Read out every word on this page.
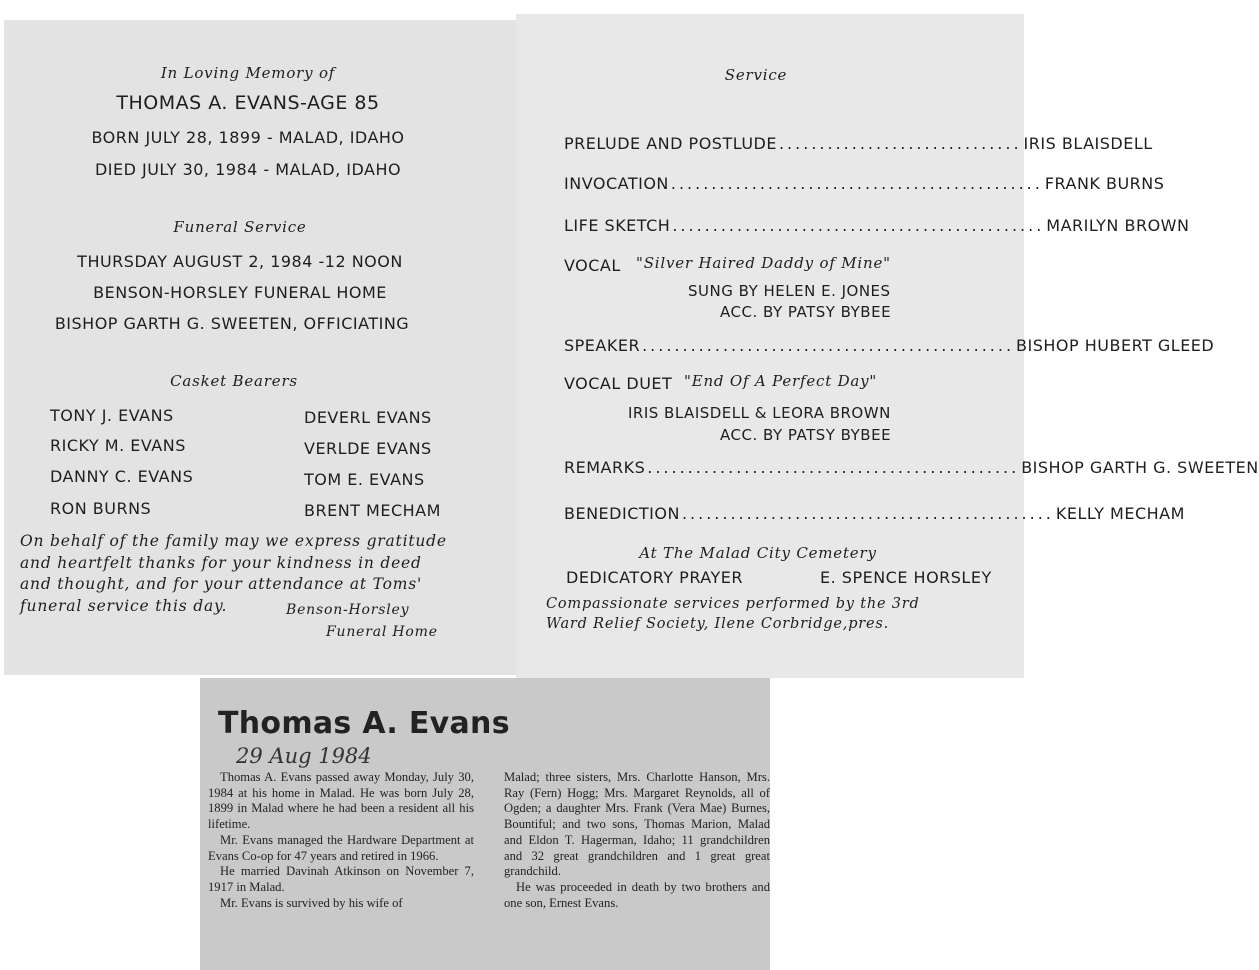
In Loving Memory of
THOMAS A. EVANS-AGE 85
BORN JULY 28, 1899 - MALAD, IDAHO
DIED JULY 30, 1984 - MALAD, IDAHO
Funeral Service
THURSDAY AUGUST 2, 1984 -12 NOON
BENSON-HORSLEY FUNERAL HOME
BISHOP GARTH G. SWEETEN, OFFICIATING
Casket Bearers
TONY J. EVANS	DEVERL EVANS
RICKY M. EVANS	VERLDE EVANS
DANNY C. EVANS	TOM E. EVANS
RON BURNS	BRENT MECHAM
On behalf of the family may we express gratitude
and heartfelt thanks for your kindness in deed
and thought, and for your attendance at Toms'
funeral service this day.	Benson-Horsley
Funeral Home
Service
PRELUDE AND POSTLUDE .............................. IRIS BLAISDELL
INVOCATION .............................................. FRANK BURNS
LIFE SKETCH .............................................. MARILYN BROWN
VOCAL "Silver Haired Daddy of Mine"
SUNG BY HELEN E. JONES
ACC. BY PATSY BYBEE
SPEAKER .............................................. BISHOP HUBERT GLEED
VOCAL DUET "End Of A Perfect Day"
IRIS BLAISDELL & LEORA BROWN
ACC. BY PATSY BYBEE
REMARKS .............................................. BISHOP GARTH G. SWEETEN
BENEDICTION .............................................. KELLY MECHAM
At The Malad City Cemetery
DEDICATORY PRAYER	E. SPENCE HORSLEY
Compassionate services performed by the 3rd
Ward Relief Society, Ilene Corbridge,pres.
Thomas A. Evans
29 Aug 1984

Thomas A. Evans passed away Monday, July 30, 1984 at his home in Malad. He was born July 28, 1899 in Malad where he had been a resident all his lifetime.

Mr. Evans managed the Hardware Department at Evans Co-op for 47 years and retired in 1966.

He married Davinah Atkinson on November 7, 1917 in Malad.

Mr. Evans is survived by his wife of

Malad; three sisters, Mrs. Charlotte Hanson, Mrs. Ray (Fern) Hogg; Mrs. Margaret Reynolds, all of Ogden; a daughter Mrs. Frank (Vera Mae) Burnes, Bountiful; and two sons, Thomas Marion, Malad and Eldon T. Hagerman, Idaho; 11 grandchildren and 32 great grandchildren and 1 great great grandchild.

He was proceeded in death by two brothers and one son, Ernest Evans.
